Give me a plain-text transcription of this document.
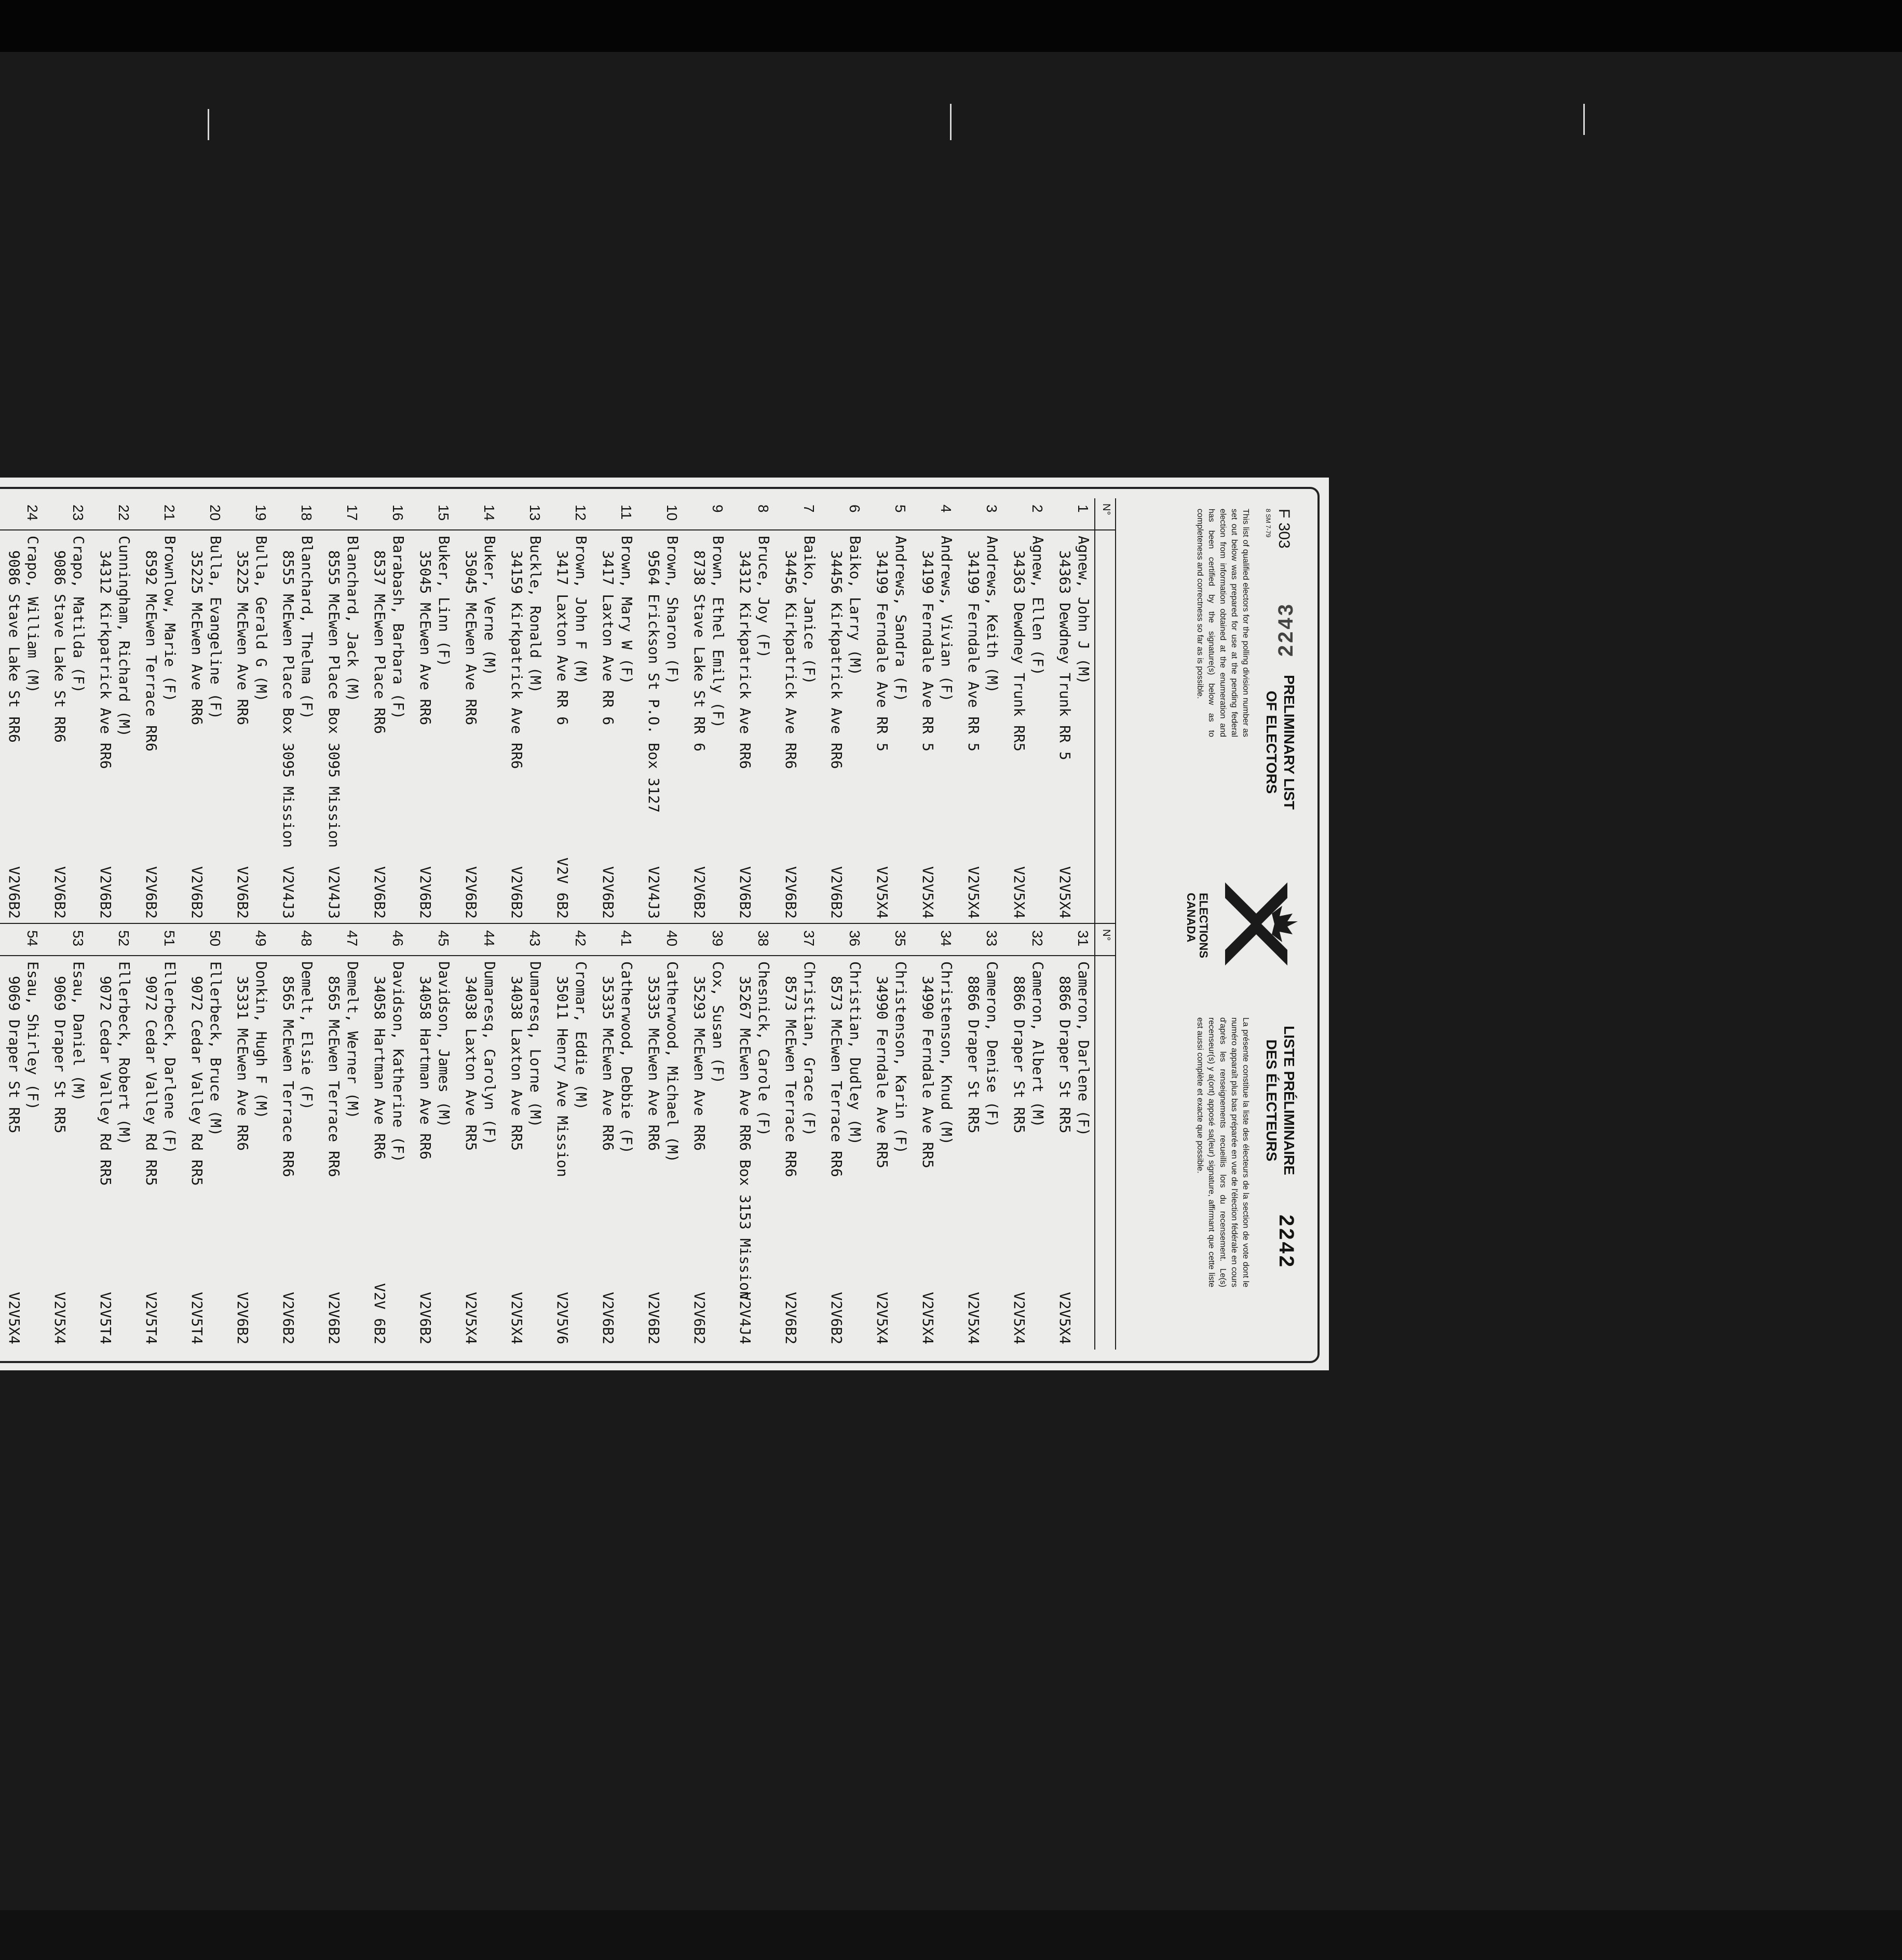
F 303
8 SM 7-79
2243
PRELIMINARY LIST OF ELECTORS
This list of qualified electors for the polling division number as set out below was prepared for use at the pending federal election from information obtained at the enumeration and has been certified by the signature(s) below as to completeness and correctness so far as is possible.
ELECTIONS CANADA
LISTE PRÉLIMINAIRE DES ÉLECTEURS
2242
La présente constitue la liste des électeurs de la section de vote dont le numéro apparaît plus bas préparée en vue de l'élection fédérale en cours d'après les renseignements recueillis lors du recensement. Le(s) recenseur(s) y a(ont) apposé sa(leur) signature, affirmant que cette liste est aussi complète et exacte que possible.
N°
1
Agnew, John J (M)
34363 Dewdney Trunk RR 5
V2V5X4
2
Agnew, Ellen (F)
34363 Dewdney Trunk RR5
V2V5X4
3
Andrews, Keith (M)
34199 Ferndale Ave RR 5
V2V5X4
4
Andrews, Vivian (F)
34199 Ferndale Ave RR 5
V2V5X4
5
Andrews, Sandra (F)
34199 Ferndale Ave RR 5
V2V5X4
6
Baiko, Larry (M)
34456 Kirkpatrick Ave RR6
V2V6B2
7
Baiko, Janice (F)
34456 Kirkpatrick Ave RR6
V2V6B2
8
Bruce, Joy (F)
34312 Kirkpatrick Ave RR6
V2V6B2
9
Brown, Ethel Emily (F)
8738 Stave Lake St RR 6
V2V6B2
10
Brown, Sharon (F)
9564 Erickson St P.O. Box 3127
V2V4J3
11
Brown, Mary W (F)
3417 Laxton Ave RR 6
V2V6B2
12
Brown, John F (M)
3417 Laxton Ave RR 6
V2V 6B2
13
Buckle, Ronald (M)
34159 Kirkpatrick Ave RR6
V2V6B2
14
Buker, Verne (M)
35045 McEwen Ave RR6
V2V6B2
15
Buker, Linn (F)
35045 McEwen Ave RR6
V2V6B2
16
Barabash, Barbara (F)
8537 McEwen Place RR6
V2V6B2
17
Blanchard, Jack (M)
8555 McEwen Place Box 3095 Mission
V2V4J3
18
Blanchard, Thelma (F)
8555 McEwen Place Box 3095 Mission
V2V4J3
19
Bulla, Gerald G (M)
35225 McEwen Ave RR6
V2V6B2
20
Bulla, Evangeline (F)
35225 McEwen Ave RR6
V2V6B2
21
Brownlow, Marie (F)
8592 McEwen Terrace RR6
V2V6B2
22
Cunningham, Richard (M)
34312 Kirkpatrick Ave RR6
V2V6B2
23
Crapo, Matilda (F)
9086 Stave Lake St RR6
V2V6B2
24
Crapo, William (M)
9086 Stave Lake St RR6
V2V6B2
N°
31
Cameron, Darlene (F)
8866 Draper St RR5
V2V5X4
32
Cameron, Albert (M)
8866 Draper St RR5
V2V5X4
33
Cameron, Denise (F)
8866 Draper St RR5
V2V5X4
34
Christenson, Knud (M)
34990 Ferndale Ave RR5
V2V5X4
35
Christenson, Karin (F)
34990 Ferndale Ave RR5
V2V5X4
36
Christian, Dudley (M)
8573 McEwen Terrace RR6
V2V6B2
37
Christian, Grace (F)
8573 McEwen Terrace RR6
V2V6B2
38
Chesnick, Carole (F)
35267 McEwen Ave RR6 Box 3153 Mission
V2V4J4
39
Cox, Susan (F)
35293 McEwen Ave RR6
V2V6B2
40
Catherwood, Michael (M)
35335 McEwen Ave RR6
V2V6B2
41
Catherwood, Debbie (F)
35335 McEwen Ave RR6
V2V6B2
42
Cromar, Eddie (M)
35011 Henry Ave Mission
V2V5V6
43
Dumaresq, Lorne (M)
34038 Laxton Ave RR5
V2V5X4
44
Dumaresq, Carolyn (F)
34038 Laxton Ave RR5
V2V5X4
45
Davidson, James (M)
34058 Hartman Ave RR6
V2V6B2
46
Davidson, Katherine (F)
34058 Hartman Ave RR6
V2V 6B2
47
Demelt, Werner (M)
8565 McEwen Terrace RR6
V2V6B2
48
Demelt, Elsie (F)
8565 McEwen Terrace RR6
V2V6B2
49
Donkin, Hugh F (M)
35331 McEwen Ave RR6
V2V6B2
50
Ellerbeck, Bruce (M)
9072 Cedar Valley Rd RR5
V2V5T4
51
Ellerbeck, Darlene (F)
9072 Cedar Valley Rd RR5
V2V5T4
52
Ellerbeck, Robert (M)
9072 Cedar Valley Rd RR5
V2V5T4
53
Esau, Daniel (M)
9069 Draper St RR5
V2V5X4
54
Esau, Shirley (F)
9069 Draper St RR5
V2V5X4
